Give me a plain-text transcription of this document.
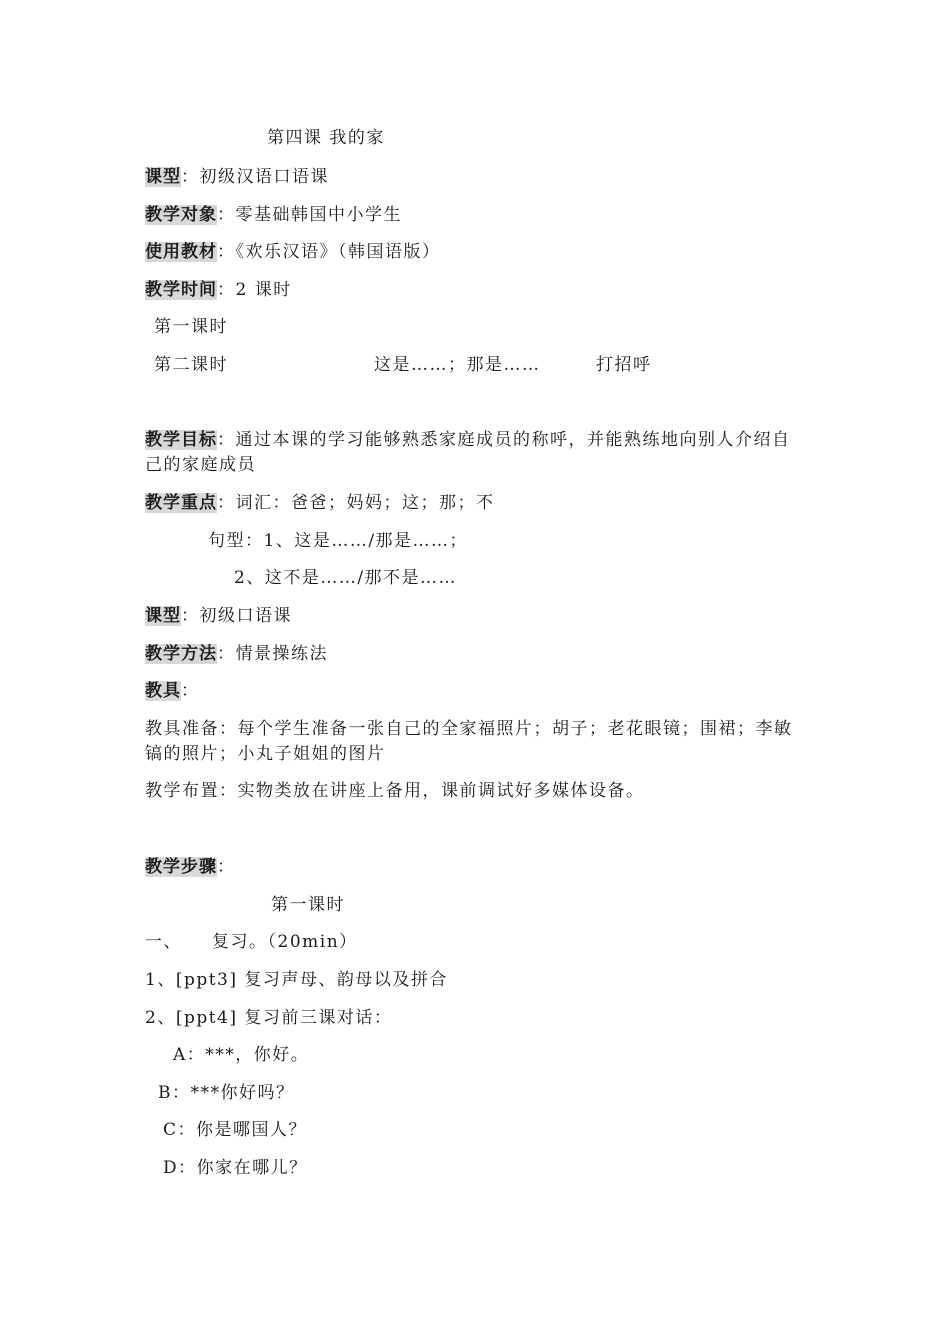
第四课 我的家
课型：初级汉语口语课
教学对象：零基础韩国中小学生
使用教材：《欢乐汉语》（韩国语版）
教学时间：2 课时
第一课时
第二课时	这是……；那是……	打招呼
教学目标：通过本课的学习能够熟悉家庭成员的称呼，并能熟练地向别人介绍自己的家庭成员
教学重点：词汇：爸爸；妈妈；这；那；不
句型：1、这是……/那是……；
2、这不是……/那不是……
课型：初级口语课
教学方法：情景操练法
教具：
教具准备：每个学生准备一张自己的全家福照片；胡子；老花眼镜；围裙；李敏镐的照片；小丸子姐姐的图片
教学布置：实物类放在讲座上备用，课前调试好多媒体设备。
教学步骤：
第一课时
一、 复习。（20min）
1、[ppt3] 复习声母、韵母以及拼合
2、[ppt4] 复习前三课对话：
A：***，你好。
B：***你好吗？
C：你是哪国人？
D：你家在哪儿？
